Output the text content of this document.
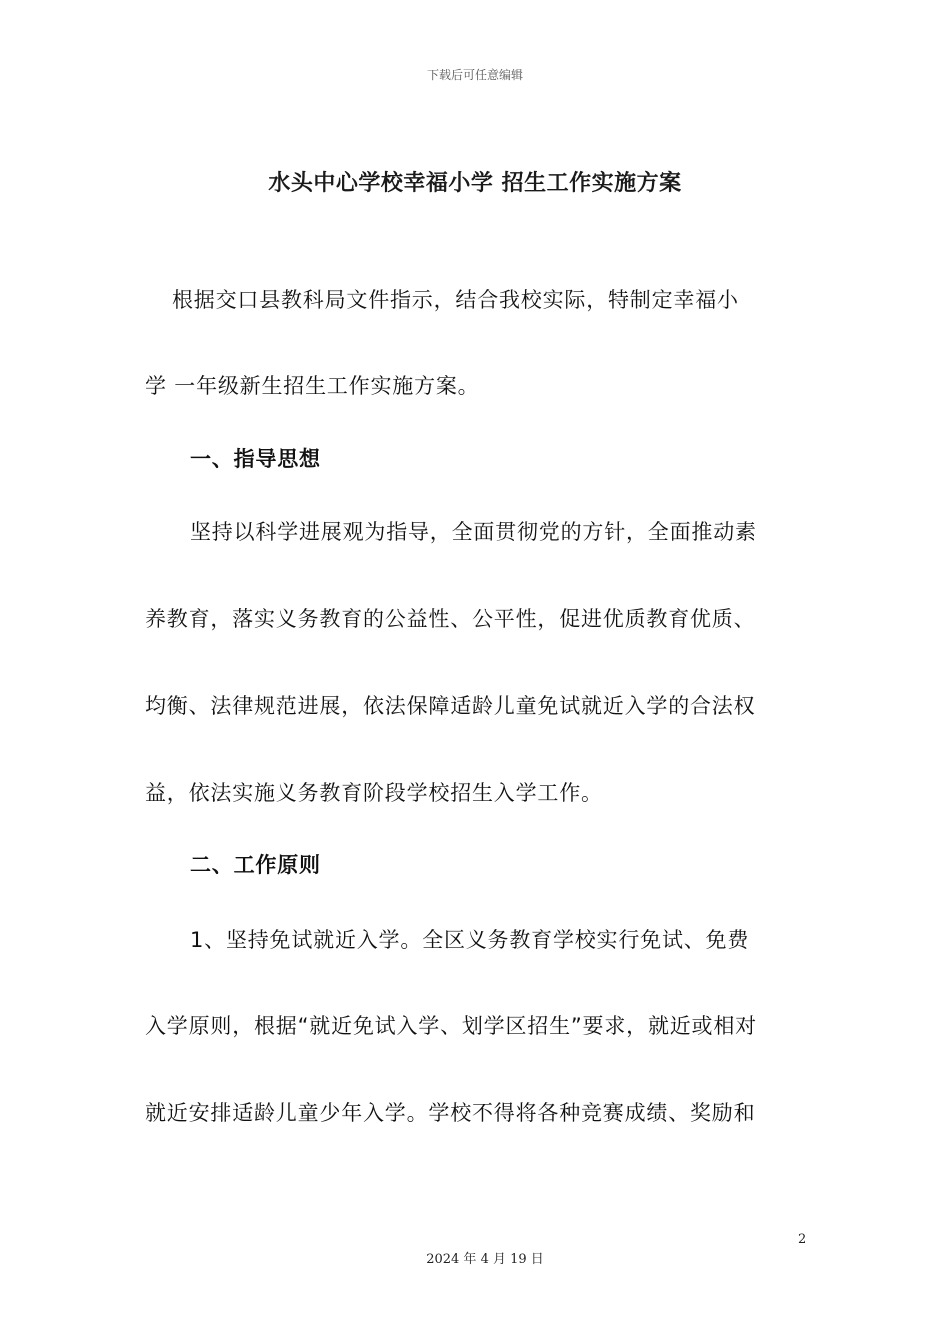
下载后可任意编辑
水头中心学校幸福小学 招生工作实施方案
根据交口县教科局文件指示，结合我校实际，特制定幸福小
学 一年级新生招生工作实施方案。
一、指导思想
坚持以科学进展观为指导，全面贯彻党的方针，全面推动素
养教育，落实义务教育的公益性、公平性，促进优质教育优质、
均衡、法律规范进展，依法保障适龄儿童免试就近入学的合法权
益，依法实施义务教育阶段学校招生入学工作。
二、工作原则
1、坚持免试就近入学。全区义务教育学校实行免试、免费
入学原则，根据“就近免试入学、划学区招生”要求，就近或相对
就近安排适龄儿童少年入学。学校不得将各种竞赛成绩、奖励和
2
2024 年 4 月 19 日
